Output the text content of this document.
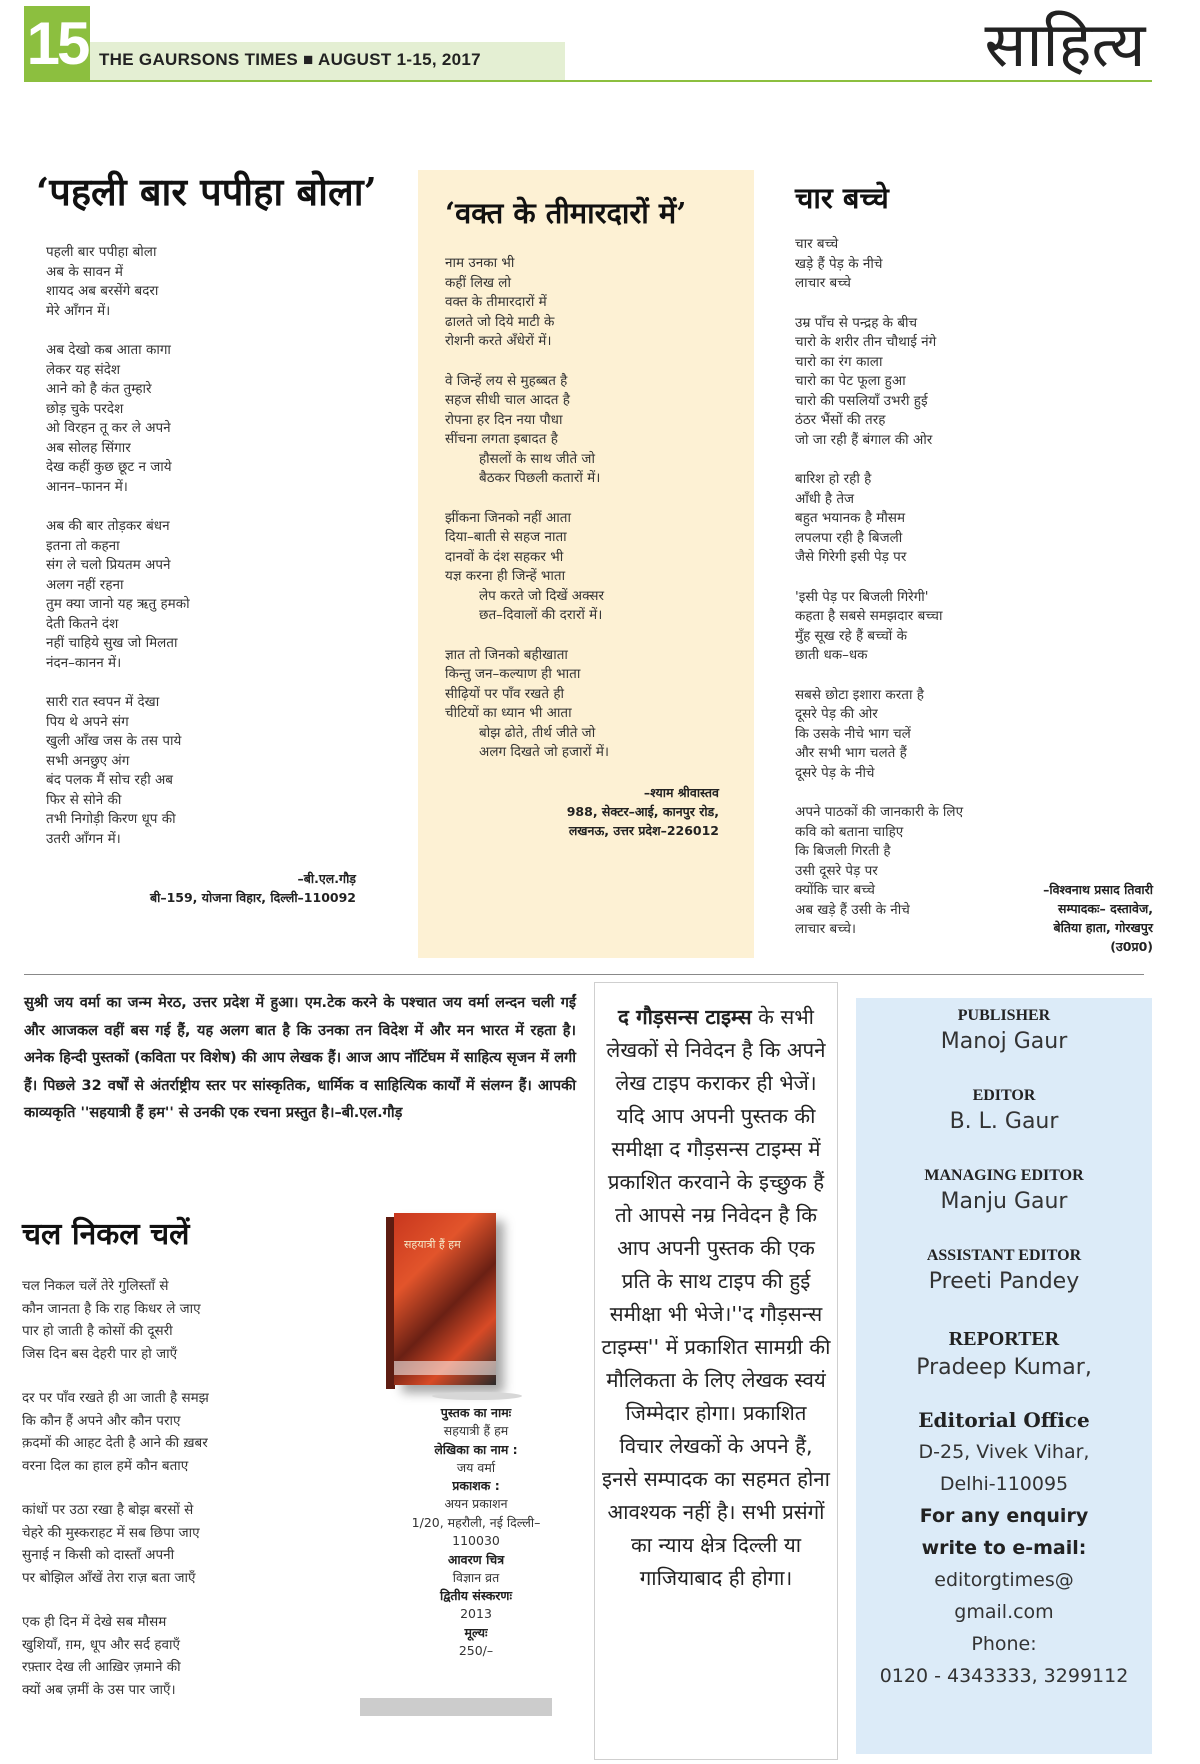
15 THE GAURSONS TIMES ■ AUGUST 1-15, 2017	साहित्य
‘पहली बार पपीहा बोला’
पहली बार पपीहा बोला
अब के सावन में
शायद अब बरसेंगे बदरा
मेरे आँगन में।
अब देखो कब आता कागा
लेकर यह संदेश
आने को है कंत तुम्हारे
छोड़ चुके परदेश
ओ विरहन तू कर ले अपने
अब सोलह सिंगार
देख कहीं कुछ छूट न जाये
आनन–फानन में।
अब की बार तोड़कर बंधन
इतना तो कहना
संग ले चलो प्रियतम अपने
अलग नहीं रहना
तुम क्या जानो यह ऋतु हमको
देती कितने दंश
नहीं चाहिये सुख जो मिलता
नंदन–कानन में।
सारी रात स्वपन में देखा
पिय थे अपने संग
खुली आँख जस के तस पाये
सभी अनछुए अंग
बंद पलक मैं सोच रही अब
फिर से सोने की
तभी निगोड़ी किरण धूप की
उतरी आँगन में।
–बी.एल.गौड़
बी–159, योजना विहार, दिल्ली–110092
‘वक्त के तीमारदारों में’
नाम उनका भी
कहीं लिख लो
वक्त के तीमारदारों में
ढालते जो दिये माटी के
रोशनी करते अँधेरों में।
वे जिन्हें लय से मुहब्बत है
सहज सीधी चाल आदत है
रोपना हर दिन नया पौधा
सींचना लगता इबादत है
हौसलों के साथ जीते जो
बैठकर पिछली कतारों में।
झींकना जिनको नहीं आता
दिया–बाती से सहज नाता
दानवों के दंश सहकर भी
यज्ञ करना ही जिन्हें भाता
लेप करते जो दिखें अक्सर
छत–दिवालों की दरारों में।
ज्ञात तो जिनको बहीखाता
किन्तु जन–कल्याण ही भाता
सीढ़ियों पर पाँव रखते ही
चीटियों का ध्यान भी आता
बोझ ढोते, तीर्थ जीते जो
अलग दिखते जो हजारों में।
–श्याम श्रीवास्तव
988, सेक्टर–आई, कानपुर रोड,
लखनऊ, उत्तर प्रदेश–226012
चार बच्चे
चार बच्चे
खड़े हैं पेड़ के नीचे
लाचार बच्चे
उम्र पाँच से पन्द्रह के बीच
चारो के शरीर तीन चौथाई नंगे
चारो का रंग काला
चारो का पेट फूला हुआ
चारो की पसलियाँ उभरी हुई
ठंठर भैंसों की तरह
जो जा रही हैं बंगाल की ओर
बारिश हो रही है
आँधी है तेज
बहुत भयानक है मौसम
लपलपा रही है बिजली
जैसे गिरेगी इसी पेड़ पर
'इसी पेड़ पर बिजली गिरेगी'
कहता है सबसे समझदार बच्चा
मुँह सूख रहे हैं बच्चों के
छाती धक–धक
सबसे छोटा इशारा करता है
दूसरे पेड़ की ओर
कि उसके नीचे भाग चलें
और सभी भाग चलते हैं
दूसरे पेड़ के नीचे
अपने पाठकों की जानकारी के लिए
कवि को बताना चाहिए
कि बिजली गिरती है
उसी दूसरे पेड़ पर
क्योंकि चार बच्चे
अब खड़े हैं उसी के नीचे
लाचार बच्चे।
–विश्वनाथ प्रसाद तिवारी
सम्पादकः– दस्तावेज,
बेतिया हाता, गोरखपुर
(उ0प्र0)
सुश्री जय वर्मा का जन्म मेरठ, उत्तर प्रदेश में हुआ। एम.टेक करने के पश्चात जय वर्मा लन्दन चली गईं और आजकल वहीं बस गई हैं, यह अलग बात है कि उनका तन विदेश में और मन भारत में रहता है। अनेक हिन्दी पुस्तकों (कविता पर विशेष) की आप लेखक हैं। आज आप नॉटिंघम में साहित्य सृजन में लगी हैं। पिछले 32 वर्षों से अंतर्राष्ट्रीय स्तर पर सांस्कृतिक, धार्मिक व साहित्यिक कार्यों में संलग्न हैं। आपकी काव्यकृति ''सहयात्री हैं हम'' से उनकी एक रचना प्रस्तुत है।–बी.एल.गौड़
चल निकल चलें
चल निकल चलें तेरे गुलिस्ताँ से
कौन जानता है कि राह किधर ले जाए
पार हो जाती है कोसों की दूसरी
जिस दिन बस देहरी पार हो जाएँ
दर पर पाँव रखते ही आ जाती है समझ
कि कौन हैं अपने और कौन पराए
क़दमों की आहट देती है आने की ख़बर
वरना दिल का हाल हमें कौन बताए
कांधों पर उठा रखा है बोझ बरसों से
चेहरे की मुस्कराहट में सब छिपा जाए
सुनाई न किसी को दास्ताँ अपनी
पर बोझिल आँखें तेरा राज़ बता जाएँ
एक ही दिन में देखे सब मौसम
खुशियाँ, ग़म, धूप और सर्द हवाएँ
रफ़्तार देख ली आख़िर ज़माने की
क्यों अब ज़मीं के उस पार जाएँ।
सहयात्री हैं हम
पुस्तक का नामः
सहयात्री हैं हम
लेखिका का नाम :
जय वर्मा
प्रकाशक :
अयन प्रकाशन
1/20, महरौली, नई दिल्ली–
110030
आवरण चित्र
विज्ञान व्रत
द्वितीय संस्करणः
2013
मूल्यः
250/–
द गौड़सन्स टाइम्स के सभी लेखकों से निवेदन है कि अपने लेख टाइप कराकर ही भेजें। यदि आप अपनी पुस्तक की समीक्षा द गौड़सन्स टाइम्स में प्रकाशित करवाने के इच्छुक हैं तो आपसे नम्र निवेदन है कि आप अपनी पुस्तक की एक प्रति के साथ टाइप की हुई समीक्षा भी भेजे।''द गौड़सन्स टाइम्स'' में प्रकाशित सामग्री की मौलिकता के लिए लेखक स्वयं जिम्मेदार होगा। प्रकाशित विचार लेखकों के अपने हैं, इनसे सम्पादक का सहमत होना आवश्यक नहीं है। सभी प्रसंगों का न्याय क्षेत्र दिल्ली या गाजियाबाद ही होगा।
PUBLISHER
Manoj Gaur
EDITOR
B. L. Gaur
MANAGING EDITOR
Manju Gaur
ASSISTANT EDITOR
Preeti Pandey
REPORTER
Pradeep Kumar,
Editorial Office
D-25, Vivek Vihar,
Delhi-110095
For any enquiry
write to e-mail:
editorgtimes@
gmail.com
Phone:
0120 - 4343333, 3299112
